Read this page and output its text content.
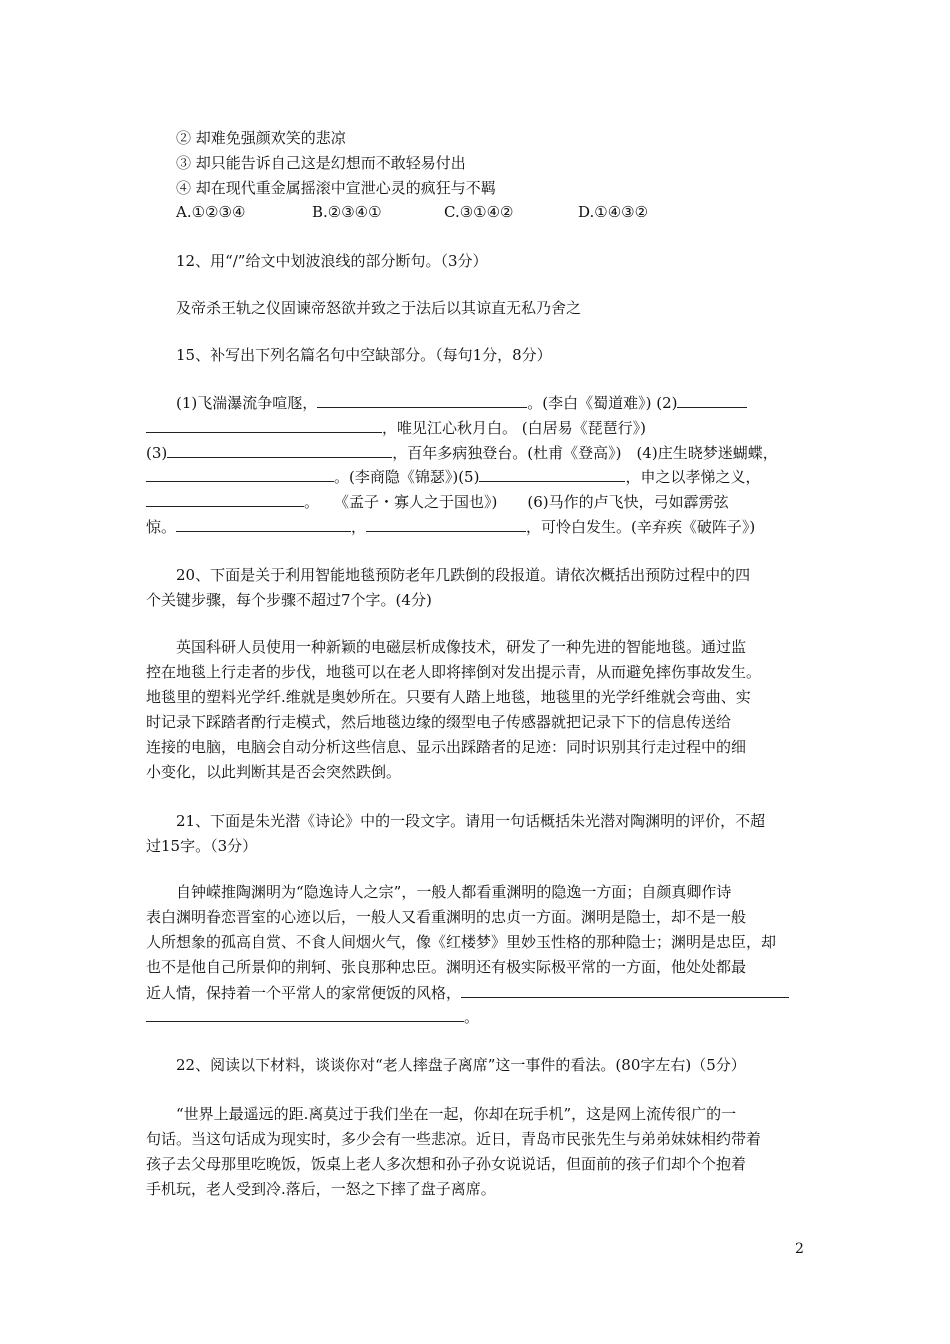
② 却难免强颜欢笑的悲凉
③ 却只能告诉自己这是幻想而不敢轻易付出
④ 却在现代重金属摇滚中宣泄心灵的疯狂与不羁
A.①②③④	B.②③④①	C.③①④②	D.①④③②
12、用“/”给文中划波浪线的部分断句。（3分）
及帝杀王轨之仪固谏帝怒欲并致之于法后以其谅直无私乃舍之
15、补写出下列名篇名句中空缺部分。（每句1分，8分）
(1)飞湍瀑流争喧豗，	。(李白《蜀道难》) (2)
，唯见江心秋月白。 (白居易《琵琶行》)
(3)	，百年多病独登台。(杜甫《登高》)　(4)庄生晓梦迷蝴蝶，
。(李商隐《锦瑟》)(5)	，申之以孝悌之义，
。　　《孟子・寡人之于国也》)　　(6)马作的卢飞快，弓如霹雳弦
惊。	，	，可怜白发生。(辛弃疾《破阵子》)
20、下面是关于利用智能地毯预防老年几跌倒的段报道。请依次概括出预防过程中的四
个关键步骤，每个步骤不超过7个字。(4分)
英国科研人员使用一种新颖的电磁层析成像技术，研发了一种先进的智能地毯。通过监
控在地毯上行走者的步伐，地毯可以在老人即将摔倒对发出提示青，从而避免摔伤事故发生。
地毯里的塑料光学纤.维就是奥妙所在。只要有人踏上地毯，地毯里的光学纤维就会弯曲、实
时记录下踩踏者酌行走模式，然后地毯边缘的缀型电子传感器就把记录下下的信息传送给
连接的电脑，电脑会自动分析这些信息、显示出踩踏者的足迹：同时识别其行走过程中的细
小变化，以此判断其是否会突然跌倒。
21、下面是朱光潜《诗论》中的一段文字。请用一句话概括朱光潜对陶渊明的评价，不超
过15字。（3分）
自钟嵘推陶渊明为“隐逸诗人之宗”，一般人都看重渊明的隐逸一方面；自颜真卿作诗
表白渊明眷恋晋室的心迹以后，一般人又看重渊明的忠贞一方面。渊明是隐士，却不是一般
人所想象的孤高自赏、不食人间烟火气，像《红楼梦》里妙玉性格的那种隐士；渊明是忠臣，却
也不是他自己所景仰的荆轲、张良那种忠臣。渊明还有极实际极平常的一方面，他处处都最
近人情，保持着一个平常人的家常便饭的风格，
。
22、阅读以下材料，谈谈你对“老人摔盘子离席”这一事件的看法。(80字左右)（5分）
“世界上最遥远的距.离莫过于我们坐在一起，你却在玩手机”，这是网上流传很广的一
句话。当这句话成为现实时，多少会有一些悲凉。近日，青岛市民张先生与弟弟妹妹相约带着
孩子去父母那里吃晚饭，饭桌上老人多次想和孙子孙女说说话，但面前的孩子们却个个抱着
手机玩，老人受到冷.落后，一怒之下摔了盘子离席。
2
